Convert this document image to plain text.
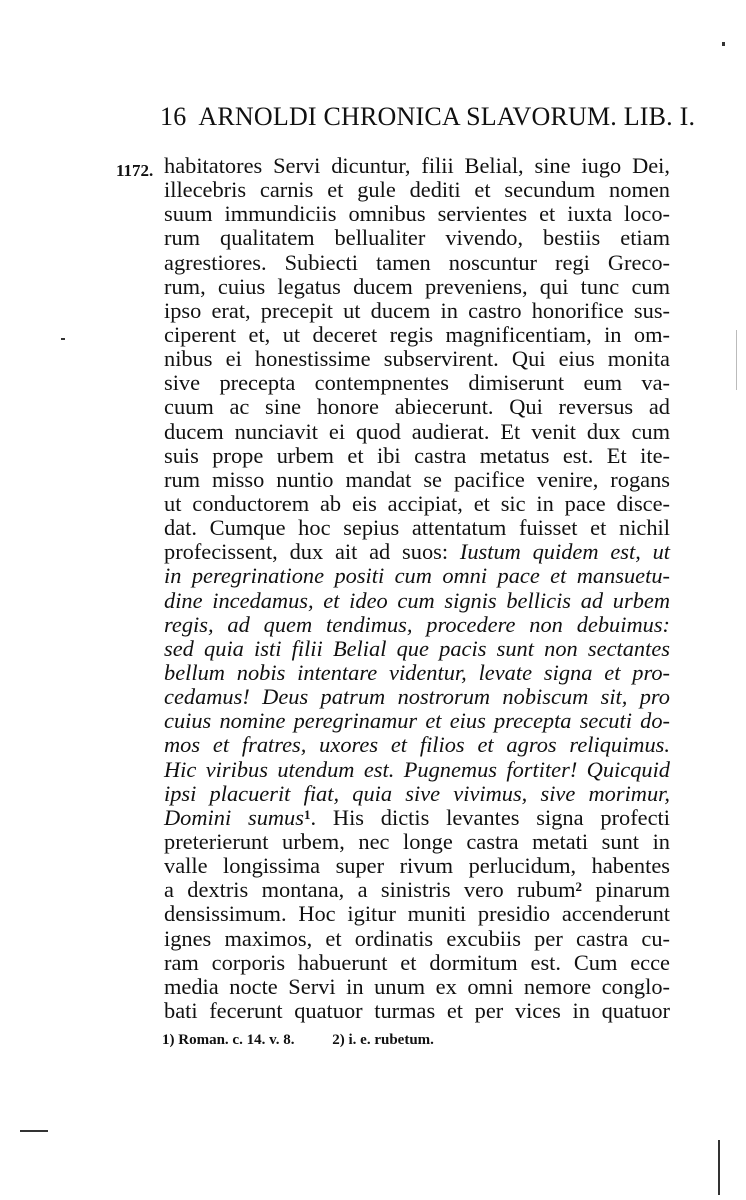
16 ARNOLDI CHRONICA SLAVORUM. LIB. I.
1172. habitatores Servi dicuntur, filii Belial, sine iugo Dei,
illecebris carnis et gule dediti et secundum nomen
suum immundiciis omnibus servientes et iuxta loco-
rum qualitatem bellualiter vivendo, bestiis etiam
agrestiores. Subiecti tamen noscuntur regi Greco-
rum, cuius legatus ducem preveniens, qui tunc cum
ipso erat, precepit ut ducem in castro honorifice sus-
ciperent et, ut deceret regis magnificentiam, in om-
nibus ei honestissime subservirent. Qui eius monita
sive precepta contempnentes dimiserunt eum va-
cuum ac sine honore abiecerunt. Qui reversus ad
ducem nunciavit ei quod audierat. Et venit dux cum
suis prope urbem et ibi castra metatus est. Et ite-
rum misso nuntio mandat se pacifice venire, rogans
ut conductorem ab eis accipiat, et sic in pace disce-
dat. Cumque hoc sepius attentatum fuisset et nichil
profecissent, dux ait ad suos: Iustum quidem est, ut
in peregrinatione positi cum omni pace et mansuetu-
dine incedamus, et ideo cum signis bellicis ad urbem
regis, ad quem tendimus, procedere non debuimus:
sed quia isti filii Belial que pacis sunt non sectantes
bellum nobis intentare videntur, levate signa et pro-
cedamus! Deus patrum nostrorum nobiscum sit, pro
cuius nomine peregrinamur et eius precepta secuti do-
mos et fratres, uxores et filios et agros reliquimus.
Hic viribus utendum est. Pugnemus fortiter! Quicquid
ipsi placuerit fiat, quia sive vivimus, sive morimur,
Domini sumus$^1$. His dictis levantes signa profecti
preterierunt urbem, nec longe castra metati sunt in
valle longissima super rivum perlucidum, habentes
a dextris montana, a sinistris vero rubum$^2$ pinarum
densissimum. Hoc igitur muniti presidio accenderunt
ignes maximos, et ordinatis excubiis per castra cu-
ram corporis habuerunt et dormitum est. Cum ecce
media nocte Servi in unum ex omni nemore conglo-
bati fecerunt quatuor turmas et per vices in quatuor
1) Roman. c. 14. v. 8.	2) i. e. rubetum.
